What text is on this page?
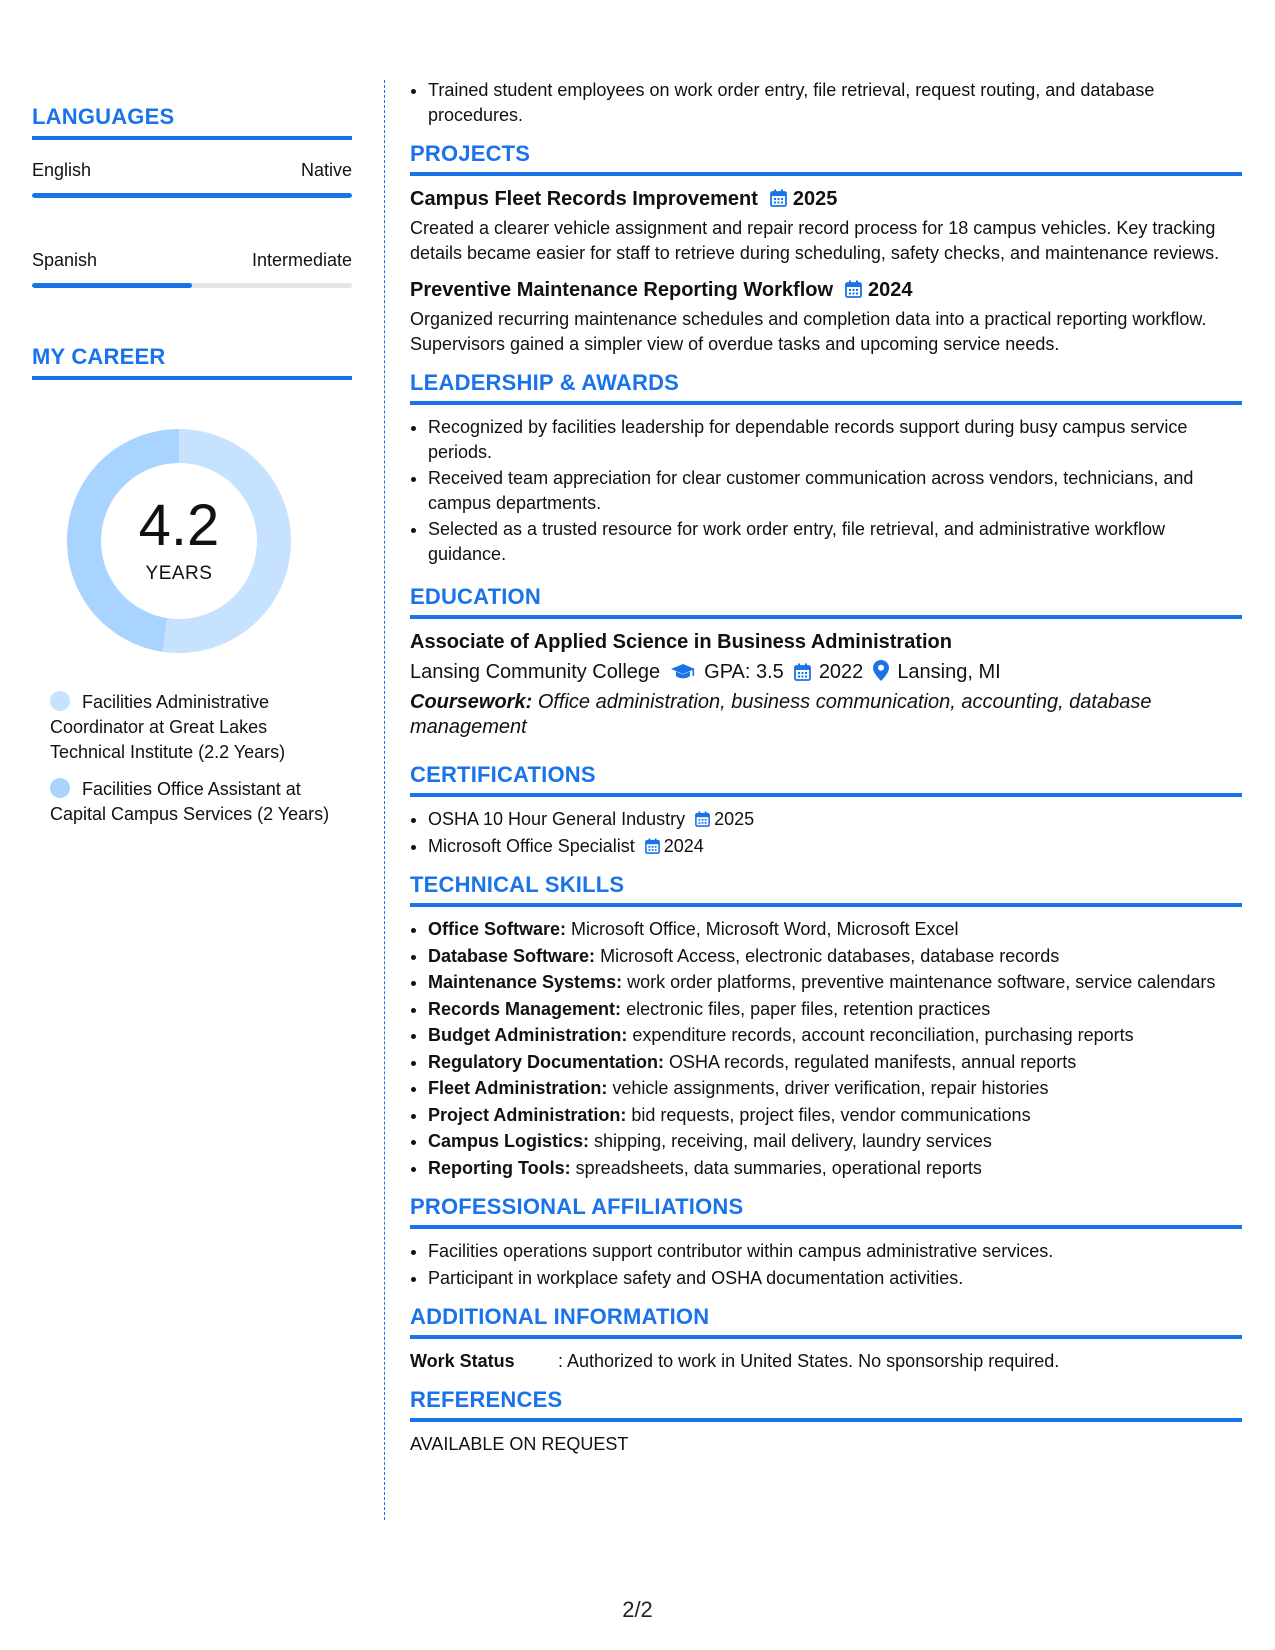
LANGUAGES
English	Native
Spanish	Intermediate
MY CAREER
4.2
YEARS
Facilities Administrative Coordinator at Great Lakes Technical Institute (2.2 Years)
Facilities Office Assistant at Capital Campus Services (2 Years)
• Trained student employees on work order entry, file retrieval, request routing, and database procedures.
PROJECTS
Campus Fleet Records Improvement 2025
Created a clearer vehicle assignment and repair record process for 18 campus vehicles. Key tracking details became easier for staff to retrieve during scheduling, safety checks, and maintenance reviews.
Preventive Maintenance Reporting Workflow 2024
Organized recurring maintenance schedules and completion data into a practical reporting workflow. Supervisors gained a simpler view of overdue tasks and upcoming service needs.
LEADERSHIP & AWARDS
• Recognized by facilities leadership for dependable records support during busy campus service periods.
• Received team appreciation for clear customer communication across vendors, technicians, and campus departments.
• Selected as a trusted resource for work order entry, file retrieval, and administrative workflow guidance.
EDUCATION
Associate of Applied Science in Business Administration
Lansing Community College GPA: 3.5 2022 Lansing, MI
Coursework: Office administration, business communication, accounting, database management
CERTIFICATIONS
• OSHA 10 Hour General Industry 2025
• Microsoft Office Specialist 2024
TECHNICAL SKILLS
• Office Software: Microsoft Office, Microsoft Word, Microsoft Excel
• Database Software: Microsoft Access, electronic databases, database records
• Maintenance Systems: work order platforms, preventive maintenance software, service calendars
• Records Management: electronic files, paper files, retention practices
• Budget Administration: expenditure records, account reconciliation, purchasing reports
• Regulatory Documentation: OSHA records, regulated manifests, annual reports
• Fleet Administration: vehicle assignments, driver verification, repair histories
• Project Administration: bid requests, project files, vendor communications
• Campus Logistics: shipping, receiving, mail delivery, laundry services
• Reporting Tools: spreadsheets, data summaries, operational reports
PROFESSIONAL AFFILIATIONS
• Facilities operations support contributor within campus administrative services.
• Participant in workplace safety and OSHA documentation activities.
ADDITIONAL INFORMATION
Work Status	: Authorized to work in United States. No sponsorship required.
REFERENCES
AVAILABLE ON REQUEST
2/2
